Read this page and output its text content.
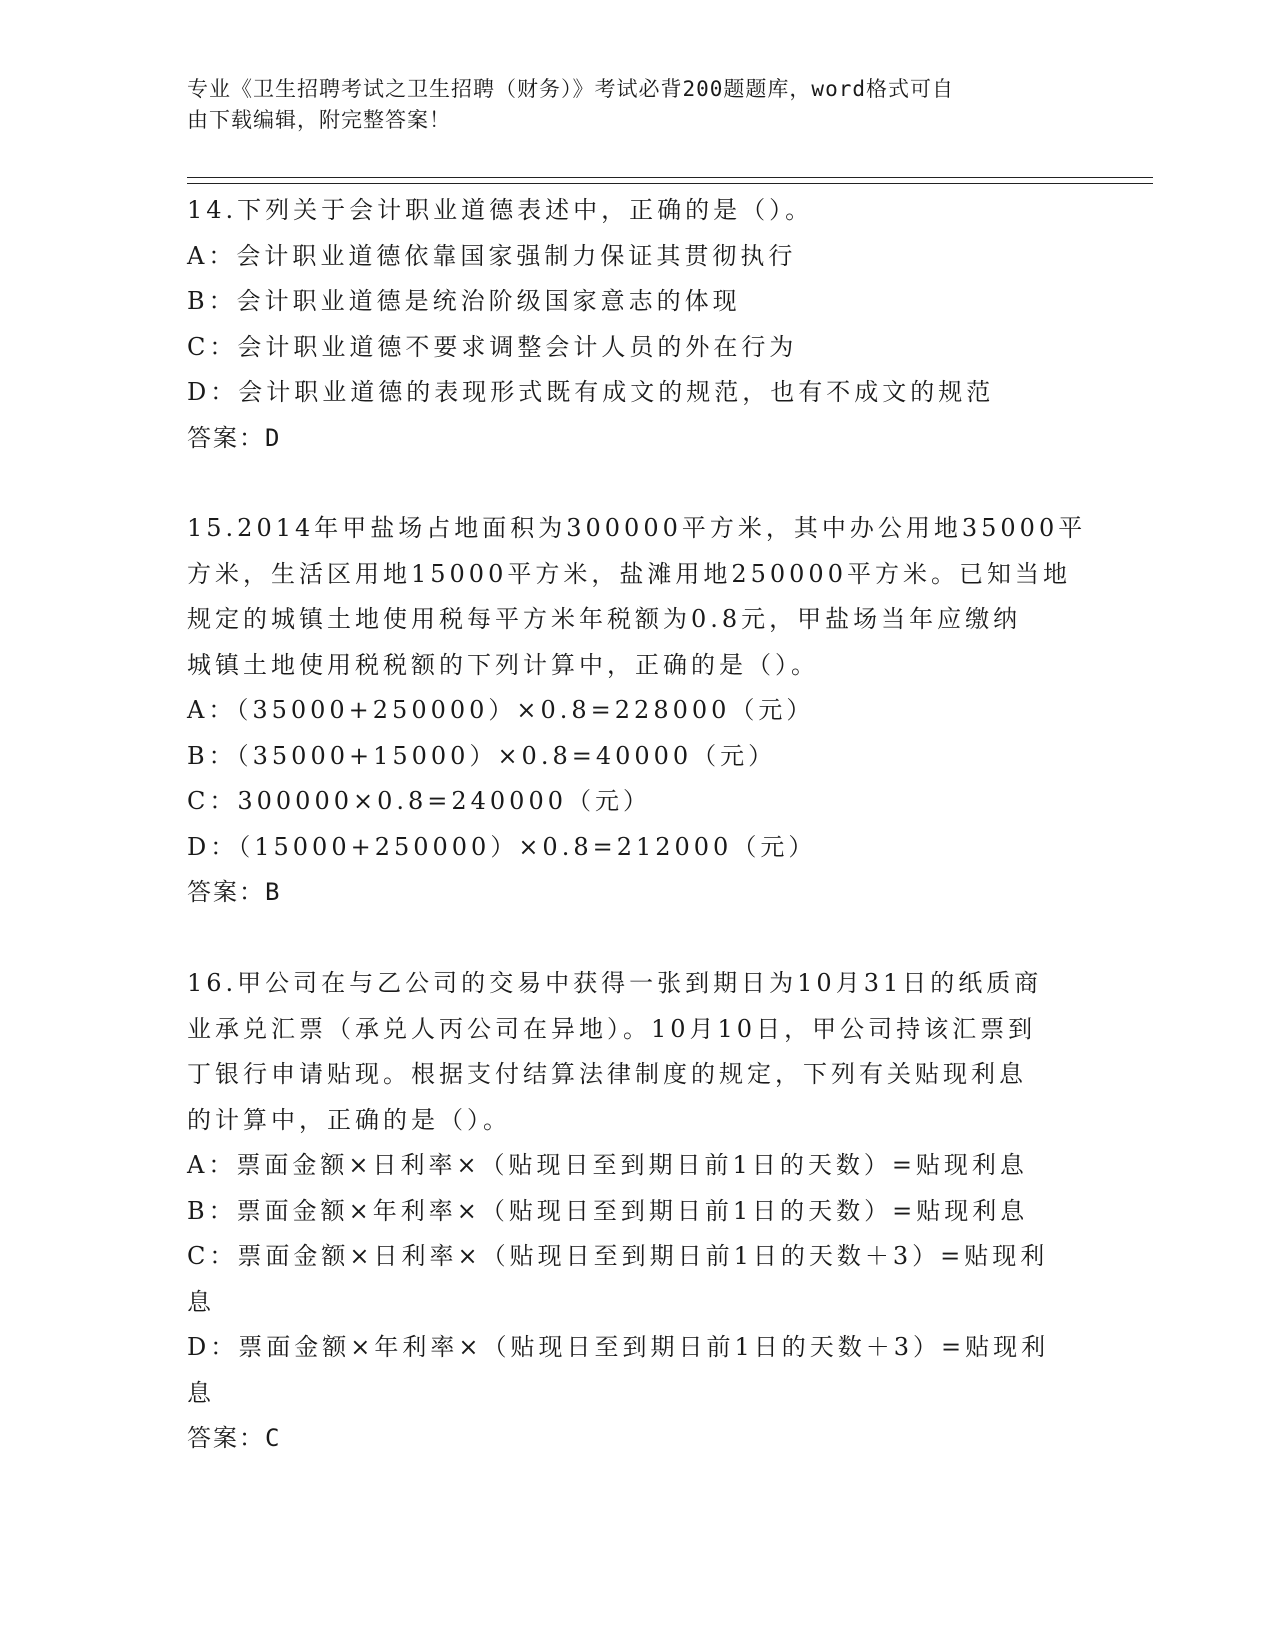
专业《卫生招聘考试之卫生招聘（财务）》考试必背200题题库，word格式可自
由下载编辑，附完整答案！
14.下列关于会计职业道德表述中，正确的是（）。
A：会计职业道德依靠国家强制力保证其贯彻执行
B：会计职业道德是统治阶级国家意志的体现
C：会计职业道德不要求调整会计人员的外在行为
D：会计职业道德的表现形式既有成文的规范，也有不成文的规范
答案：D
15.2014年甲盐场占地面积为300000平方米，其中办公用地35000平
方米，生活区用地15000平方米，盐滩用地250000平方米。已知当地
规定的城镇土地使用税每平方米年税额为0.8元，甲盐场当年应缴纳
城镇土地使用税税额的下列计算中，正确的是（）。
A：（35000+250000）×0.8=228000（元）
B：（35000+15000）×0.8=40000（元）
C：300000×0.8=240000（元）
D：（15000+250000）×0.8=212000（元）
答案：B
16.甲公司在与乙公司的交易中获得一张到期日为10月31日的纸质商
业承兑汇票（承兑人丙公司在异地）。10月10日，甲公司持该汇票到
丁银行申请贴现。根据支付结算法律制度的规定，下列有关贴现利息
的计算中，正确的是（）。
A：票面金额×日利率×（贴现日至到期日前1日的天数）=贴现利息
B：票面金额×年利率×（贴现日至到期日前1日的天数）=贴现利息
C：票面金额×日利率×（贴现日至到期日前1日的天数＋3）=贴现利
息
D：票面金额×年利率×（贴现日至到期日前1日的天数＋3）=贴现利
息
答案：C
